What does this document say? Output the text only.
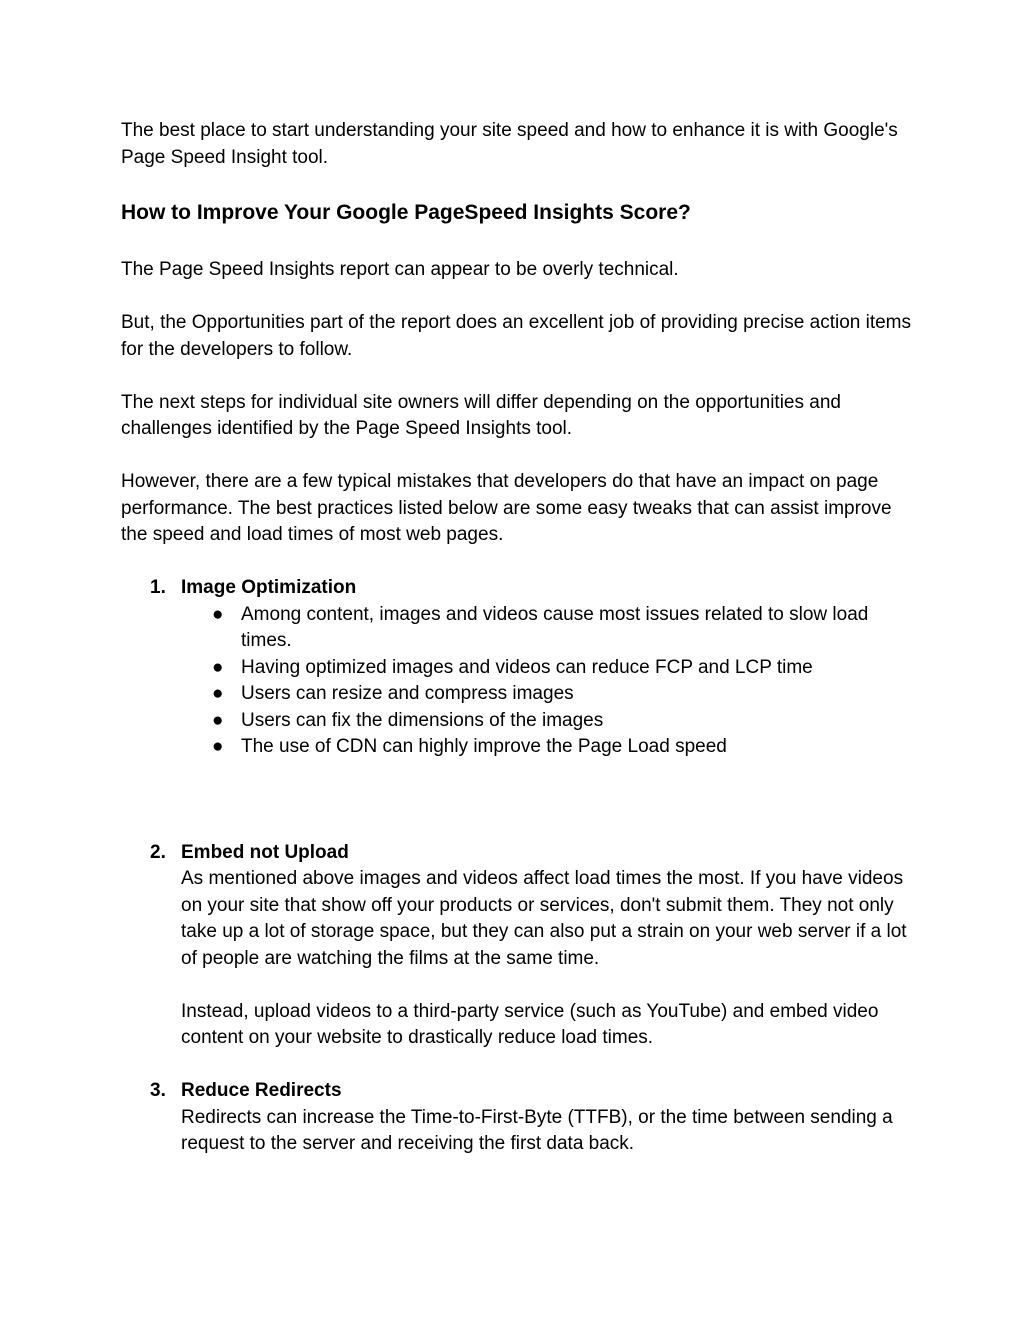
The best place to start understanding your site speed and how to enhance it is with Google's Page Speed Insight tool.

How to Improve Your Google PageSpeed Insights Score?

The Page Speed Insights report can appear to be overly technical.

But, the Opportunities part of the report does an excellent job of providing precise action items for the developers to follow.

The next steps for individual site owners will differ depending on the opportunities and challenges identified by the Page Speed Insights tool.

However, there are a few typical mistakes that developers do that have an impact on page performance. The best practices listed below are some easy tweaks that can assist improve the speed and load times of most web pages.

1. Image Optimization
● Among content, images and videos cause most issues related to slow load times.
● Having optimized images and videos can reduce FCP and LCP time
● Users can resize and compress images
● Users can fix the dimensions of the images
● The use of CDN can highly improve the Page Load speed
2. Embed not Upload

As mentioned above images and videos affect load times the most. If you have videos on your site that show off your products or services, don't submit them. They not only take up a lot of storage space, but they can also put a strain on your web server if a lot of people are watching the films at the same time.

Instead, upload videos to a third-party service (such as YouTube) and embed video content on your website to drastically reduce load times.

3. Reduce Redirects

Redirects can increase the Time-to-First-Byte (TTFB), or the time between sending a request to the server and receiving the first data back.
